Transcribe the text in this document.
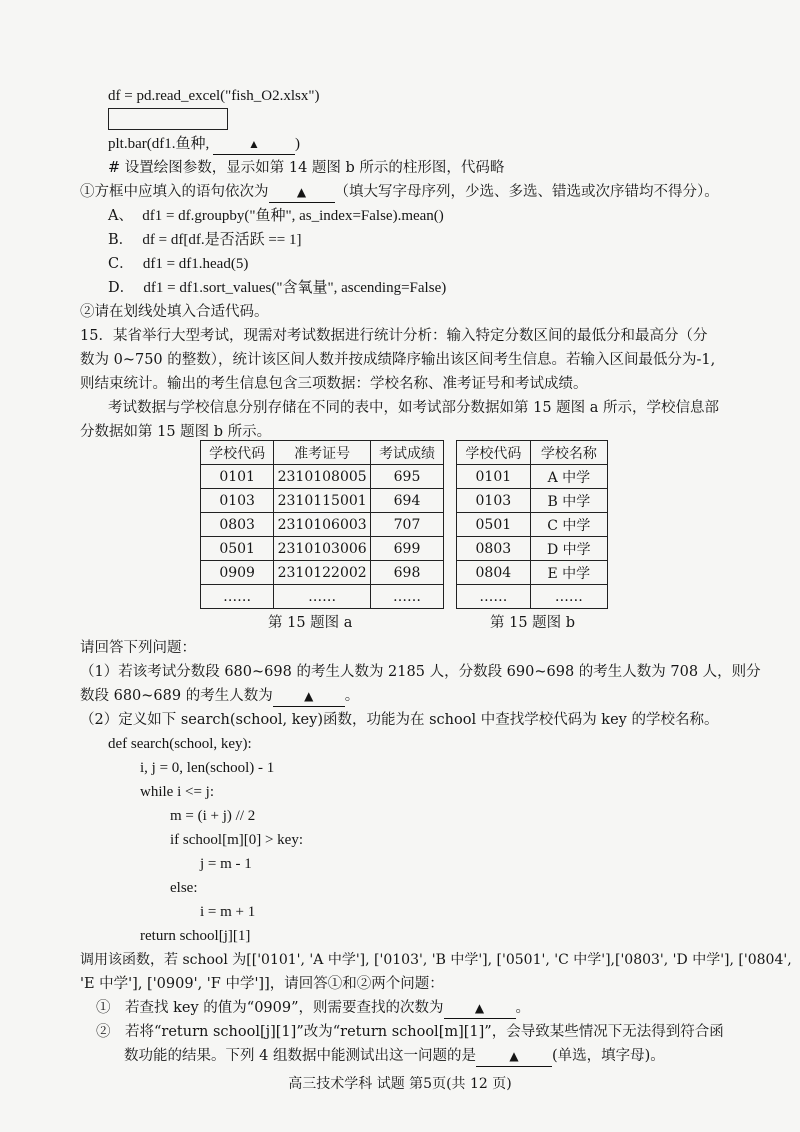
df = pd.read_excel("fish_O2.xlsx")
plt.bar(df1.鱼种,	▲ )
# 设置绘图参数，显示如第 14 题图 b 所示的柱形图，代码略
①方框中应填入的语句依次为 ▲ （填大写字母序列，少选、多选、错选或次序错均不得分）。
A、 df1 = df.groupby("鱼种", as_index=False).mean()
B． df = df[df.是否活跃 == 1]
C． df1 = df1.head(5)
D． df1 = df1.sort_values("含氧量", ascending=False)
②请在划线处填入合适代码。
15．某省举行大型考试，现需对考试数据进行统计分析：输入特定分数区间的最低分和最高分（分
数为 0~750 的整数），统计该区间人数并按成绩降序输出该区间考生信息。若输入区间最低分为-1,
则结束统计。输出的考生信息包含三项数据：学校名称、准考证号和考试成绩。
考试数据与学校信息分别存储在不同的表中，如考试部分数据如第 15 题图 a 所示，学校信息部
分数据如第 15 题图 b 所示。
学校代码	准考证号	考试成绩
0101	2310108005	695
0103	2310115001	694
0803	2310106003	707
0501	2310103006	699
0909	2310122002	698
……	……	……
第 15 题图 a
学校代码	学校名称
0101	A 中学
0103	B 中学
0501	C 中学
0803	D 中学
0804	E 中学
……	……
第 15 题图 b
请回答下列问题：
（1）若该考试分数段 680~698 的考生人数为 2185 人，分数段 690~698 的考生人数为 708 人，则分
数段 680~689 的考生人数为	▲ 。
（2）定义如下 search(school, key)函数，功能为在 school 中查找学校代码为 key 的学校名称。
def search(school, key):
i, j = 0, len(school) - 1
while i <= j:
m = (i + j) // 2
if school[m][0] > key:
j = m - 1
else:
i = m + 1
return school[j][1]
调用该函数，若 school 为[['0101', 'A 中学'], ['0103', 'B 中学'], ['0501', 'C 中学'],['0803', 'D 中学'], ['0804',
'E 中学'], ['0909', 'F 中学']]，请回答①和②两个问题：
①　若查找 key 的值为“0909”，则需要查找的次数为	▲ 。
②　若将“return school[j][1]”改为“return school[m][1]”，会导致某些情况下无法得到符合函
数功能的结果。下列 4 组数据中能测试出这一问题的是	▲ (单选，填字母)。
高三技术学科 试题 第5页(共 12 页)
